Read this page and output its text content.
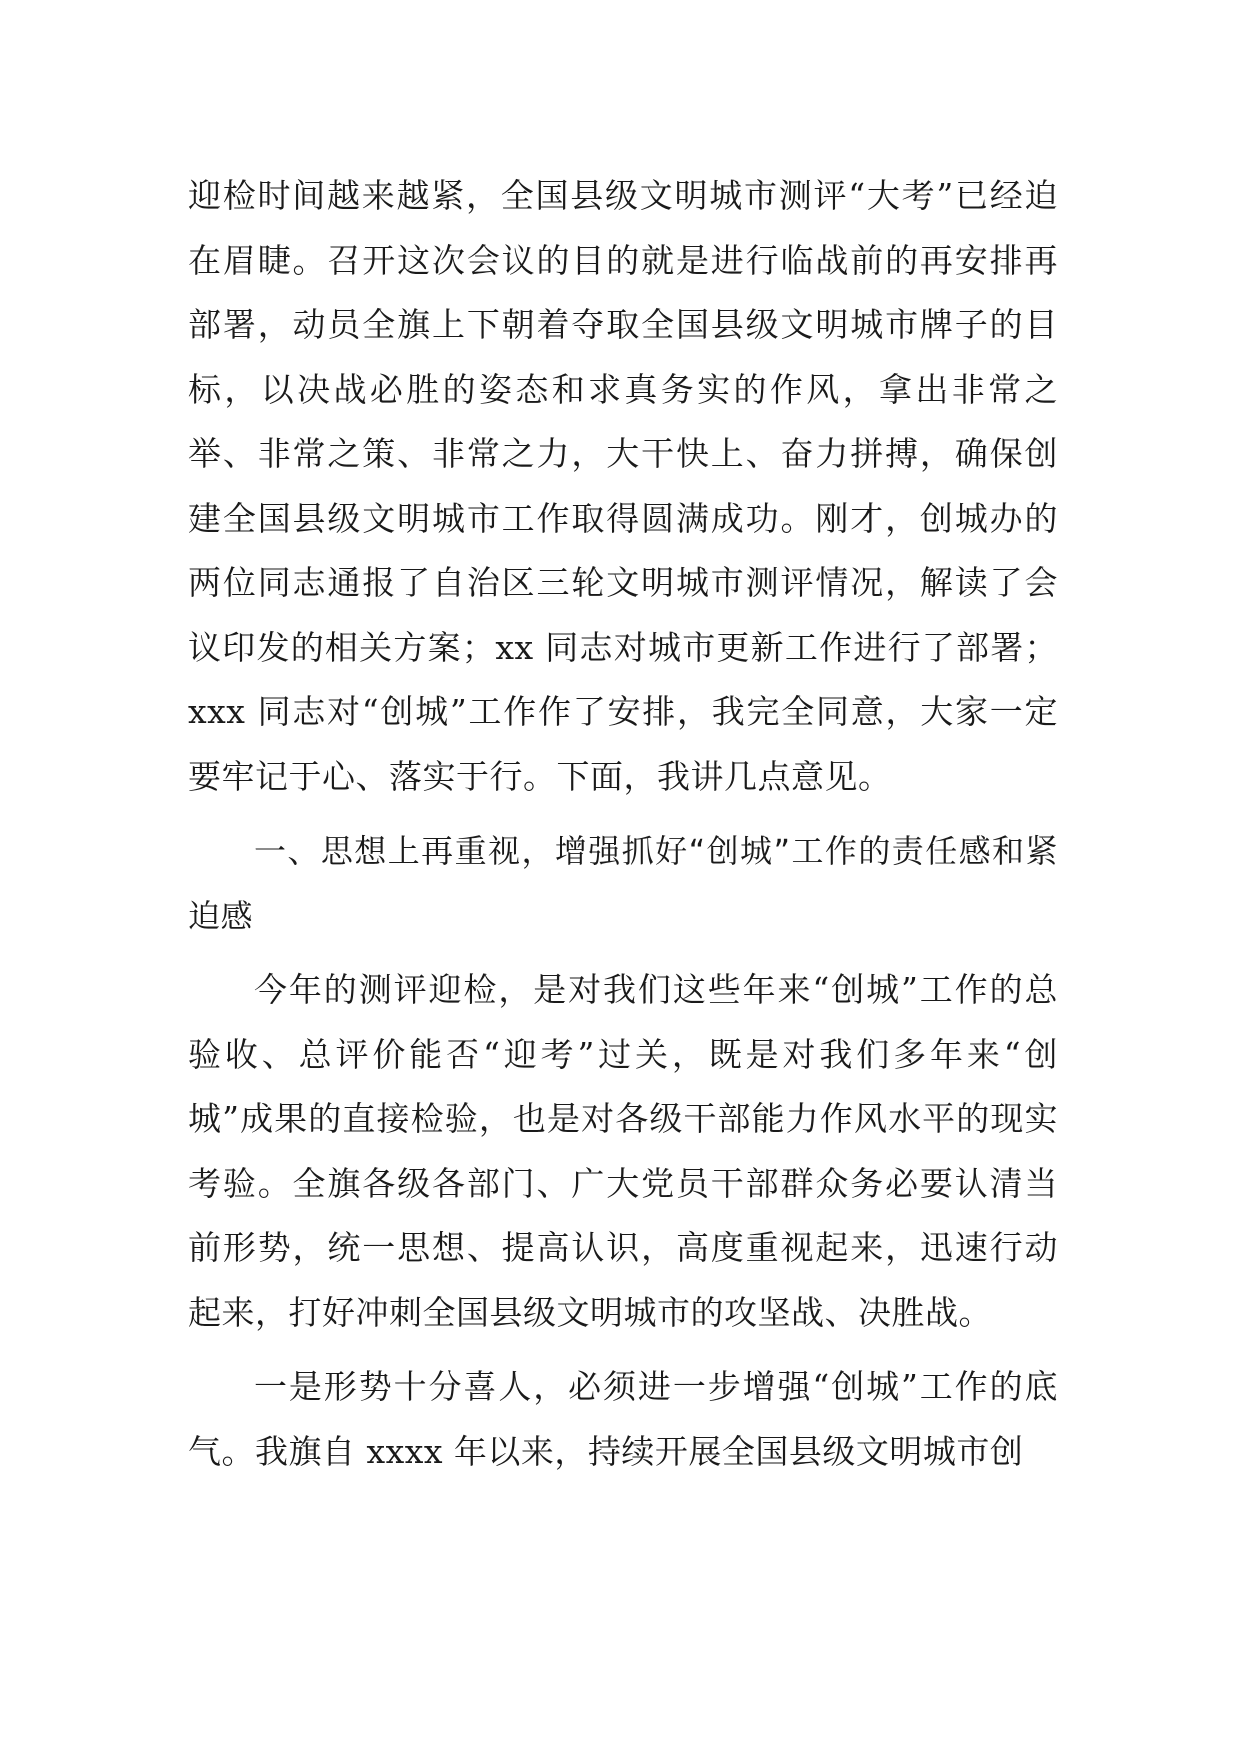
迎检时间越来越紧，全国县级文明城市测评“大考”已经迫在眉睫。召开这次会议的目的就是进行临战前的再安排再部署，动员全旗上下朝着夺取全国县级文明城市牌子的目标，以决战必胜的姿态和求真务实的作风，拿出非常之举、非常之策、非常之力，大干快上、奋力拼搏，确保创建全国县级文明城市工作取得圆满成功。刚才，创城办的两位同志通报了自治区三轮文明城市测评情况，解读了会议印发的相关方案；xx 同志对城市更新工作进行了部署；xxx 同志对“创城”工作作了安排，我完全同意，大家一定要牢记于心、落实于行。下面，我讲几点意见。

一、思想上再重视，增强抓好“创城”工作的责任感和紧迫感

今年的测评迎检，是对我们这些年来“创城”工作的总验收、总评价能否“迎考”过关，既是对我们多年来“创城”成果的直接检验，也是对各级干部能力作风水平的现实考验。全旗各级各部门、广大党员干部群众务必要认清当前形势，统一思想、提高认识，高度重视起来，迅速行动起来，打好冲刺全国县级文明城市的攻坚战、决胜战。

一是形势十分喜人，必须进一步增强“创城”工作的底气。我旗自 xxxx 年以来，持续开展全国县级文明城市创
